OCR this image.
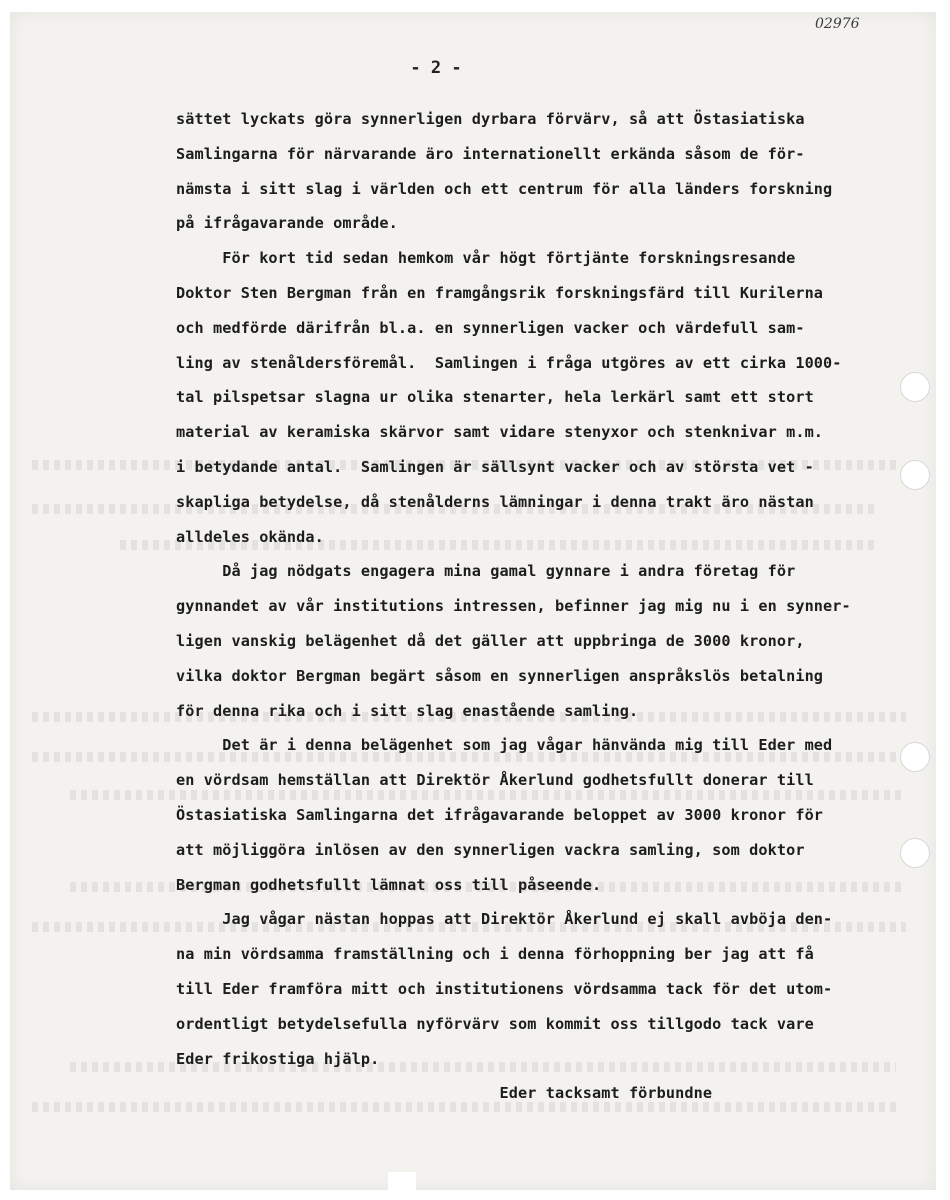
02976
- 2 -
sättet lyckats göra synnerligen dyrbara förvärv, så att Östasiatiska
Samlingarna för närvarande äro internationellt erkända såsom de för-
nämsta i sitt slag i världen och ett centrum för alla länders forskning
på ifrågavarande område.
För kort tid sedan hemkom vår högt förtjänte forskningsresande
Doktor Sten Bergman från en framgångsrik forskningsfärd till Kurilerna
och medförde därifrån bl.a. en synnerligen vacker och värdefull sam-
ling av stenåldersföremål.  Samlingen i fråga utgöres av ett cirka 1000-
tal pilspetsar slagna ur olika stenarter, hela lerkärl samt ett stort
material av keramiska skärvor samt vidare stenyxor och stenknivar m.m.
i betydande antal.  Samlingen är sällsynt vacker och av största vet -
skapliga betydelse, då stenålderns lämningar i denna trakt äro nästan
alldeles okända.
Då jag nödgats engagera mina gamal gynnare i andra företag för
gynnandet av vår institutions intressen, befinner jag mig nu i en synner-
ligen vanskig belägenhet då det gäller att uppbringa de 3000 kronor,
vilka doktor Bergman begärt såsom en synnerligen anspråkslös betalning
för denna rika och i sitt slag enastående samling.
Det är i denna belägenhet som jag vågar hänvända mig till Eder med
en vördsam hemställan att Direktör Åkerlund godhetsfullt donerar till
Östasiatiska Samlingarna det ifrågavarande beloppet av 3000 kronor för
att möjliggöra inlösen av den synnerligen vackra samling, som doktor
Bergman godhetsfullt lämnat oss till påseende.
Jag vågar nästan hoppas att Direktör Åkerlund ej skall avböja den-
na min vördsamma framställning och i denna förhoppning ber jag att få
till Eder framföra mitt och institutionens vördsamma tack för det utom-
ordentligt betydelsefulla nyförvärv som kommit oss tillgodo tack vare
Eder frikostiga hjälp.
Eder tacksamt förbundne
